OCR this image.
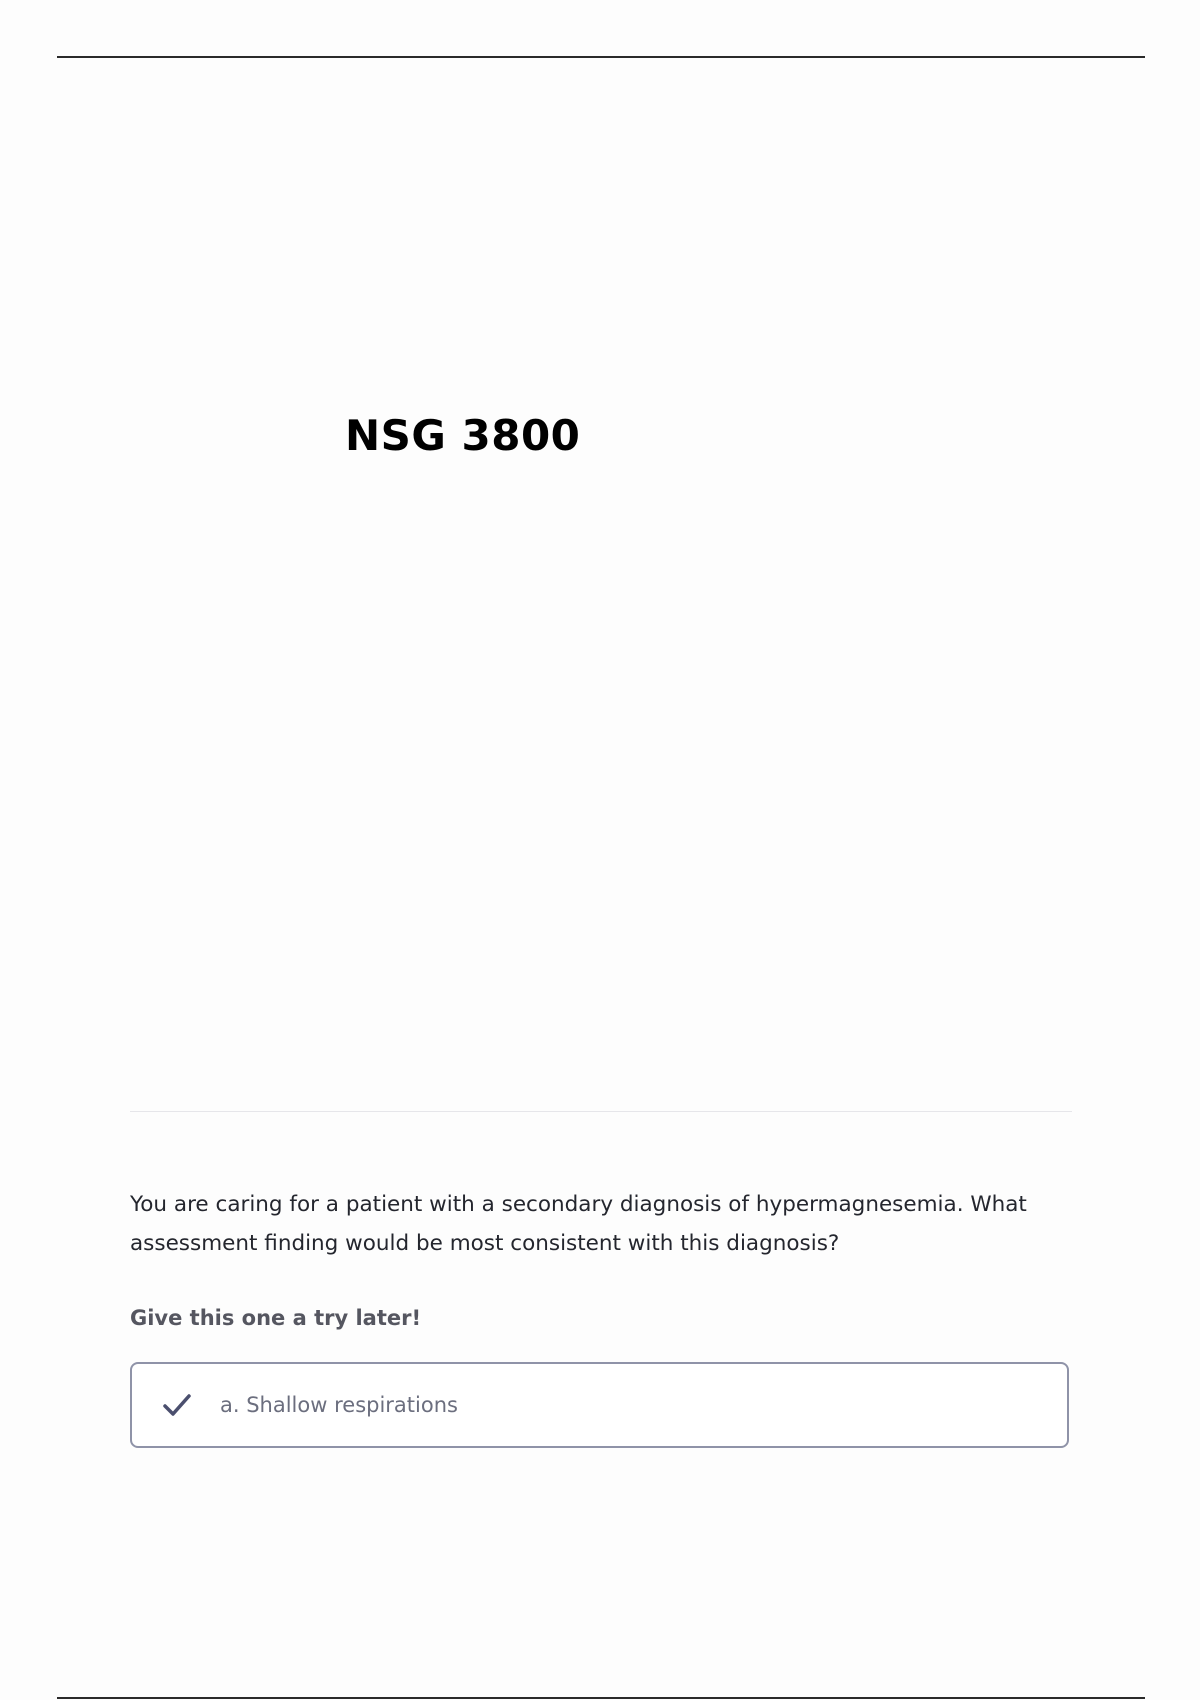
NSG 3800

You are caring for a patient with a secondary diagnosis of hypermagnesemia. What assessment finding would be most consistent with this diagnosis?

Give this one a try later!

a. Shallow respirations
